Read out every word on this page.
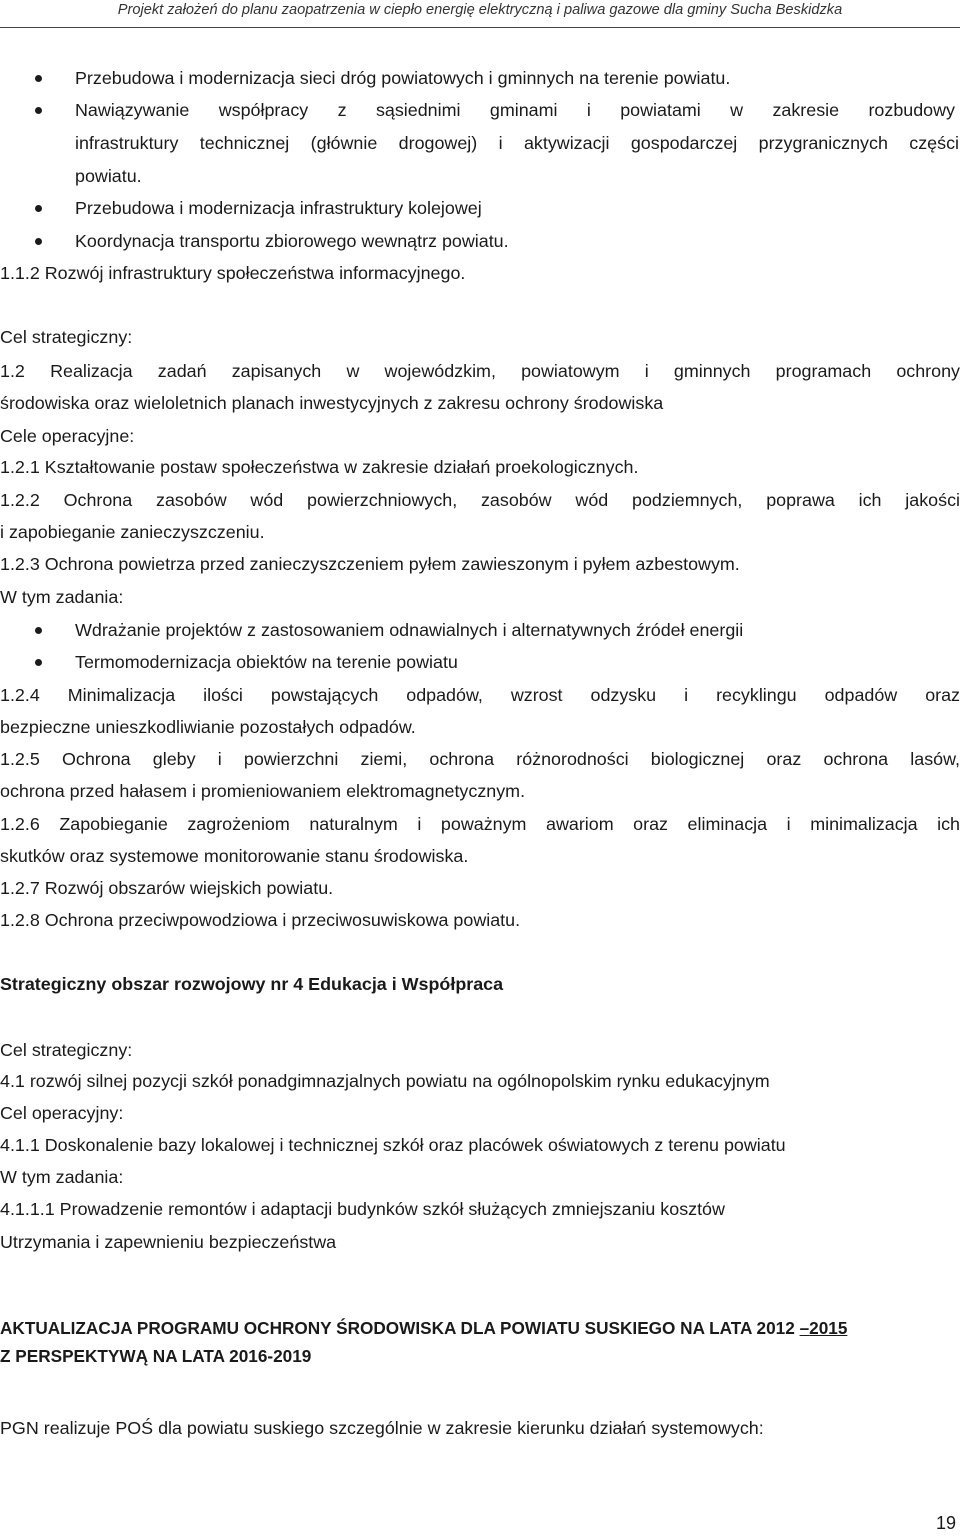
Projekt założeń do planu zaopatrzenia w ciepło energię elektryczną i paliwa gazowe dla gminy Sucha Beskidzka
Przebudowa i modernizacja sieci dróg powiatowych i gminnych na terenie powiatu.
Nawiązywanie współpracy z sąsiednimi gminami i powiatami w zakresie rozbudowy
infrastruktury technicznej (głównie drogowej) i aktywizacji gospodarczej przygranicznych części
powiatu.
Przebudowa i modernizacja infrastruktury kolejowej
Koordynacja transportu zbiorowego wewnątrz powiatu.
1.1.2 Rozwój infrastruktury społeczeństwa informacyjnego.
Cel strategiczny:
1.2 Realizacja zadań zapisanych w wojewódzkim, powiatowym i gminnych programach ochrony
środowiska oraz wieloletnich planach inwestycyjnych z zakresu ochrony środowiska
Cele operacyjne:
1.2.1 Kształtowanie postaw społeczeństwa w zakresie działań proekologicznych.
1.2.2 Ochrona zasobów wód powierzchniowych, zasobów wód podziemnych, poprawa ich jakości
i zapobieganie zanieczyszczeniu.
1.2.3 Ochrona powietrza przed zanieczyszczeniem pyłem zawieszonym i pyłem azbestowym.
W tym zadania:
Wdrażanie projektów z zastosowaniem odnawialnych i alternatywnych źródeł energii
Termomodernizacja obiektów na terenie powiatu
1.2.4 Minimalizacja ilości powstających odpadów, wzrost odzysku i recyklingu odpadów oraz
bezpieczne unieszkodliwianie pozostałych odpadów.
1.2.5 Ochrona gleby i powierzchni ziemi, ochrona różnorodności biologicznej oraz ochrona lasów,
ochrona przed hałasem i promieniowaniem elektromagnetycznym.
1.2.6 Zapobieganie zagrożeniom naturalnym i poważnym awariom oraz eliminacja i minimalizacja ich
skutków oraz systemowe monitorowanie stanu środowiska.
1.2.7 Rozwój obszarów wiejskich powiatu.
1.2.8 Ochrona przeciwpowodziowa i przeciwosuwiskowa powiatu.
Strategiczny obszar rozwojowy nr 4 Edukacja i Współpraca
Cel strategiczny:
4.1 rozwój silnej pozycji szkół ponadgimnazjalnych powiatu na ogólnopolskim rynku edukacyjnym
Cel operacyjny:
4.1.1 Doskonalenie bazy lokalowej i technicznej szkół oraz placówek oświatowych z terenu powiatu
W tym zadania:
4.1.1.1 Prowadzenie remontów i adaptacji budynków szkół służących zmniejszaniu kosztów
Utrzymania i zapewnieniu bezpieczeństwa
AKTUALIZACJA PROGRAMU OCHRONY ŚRODOWISKA DLA POWIATU SUSKIEGO NA LATA 2012 –2015
Z PERSPEKTYWĄ NA LATA 2016-2019
PGN realizuje POŚ dla powiatu suskiego szczególnie w zakresie kierunku działań systemowych:
19
